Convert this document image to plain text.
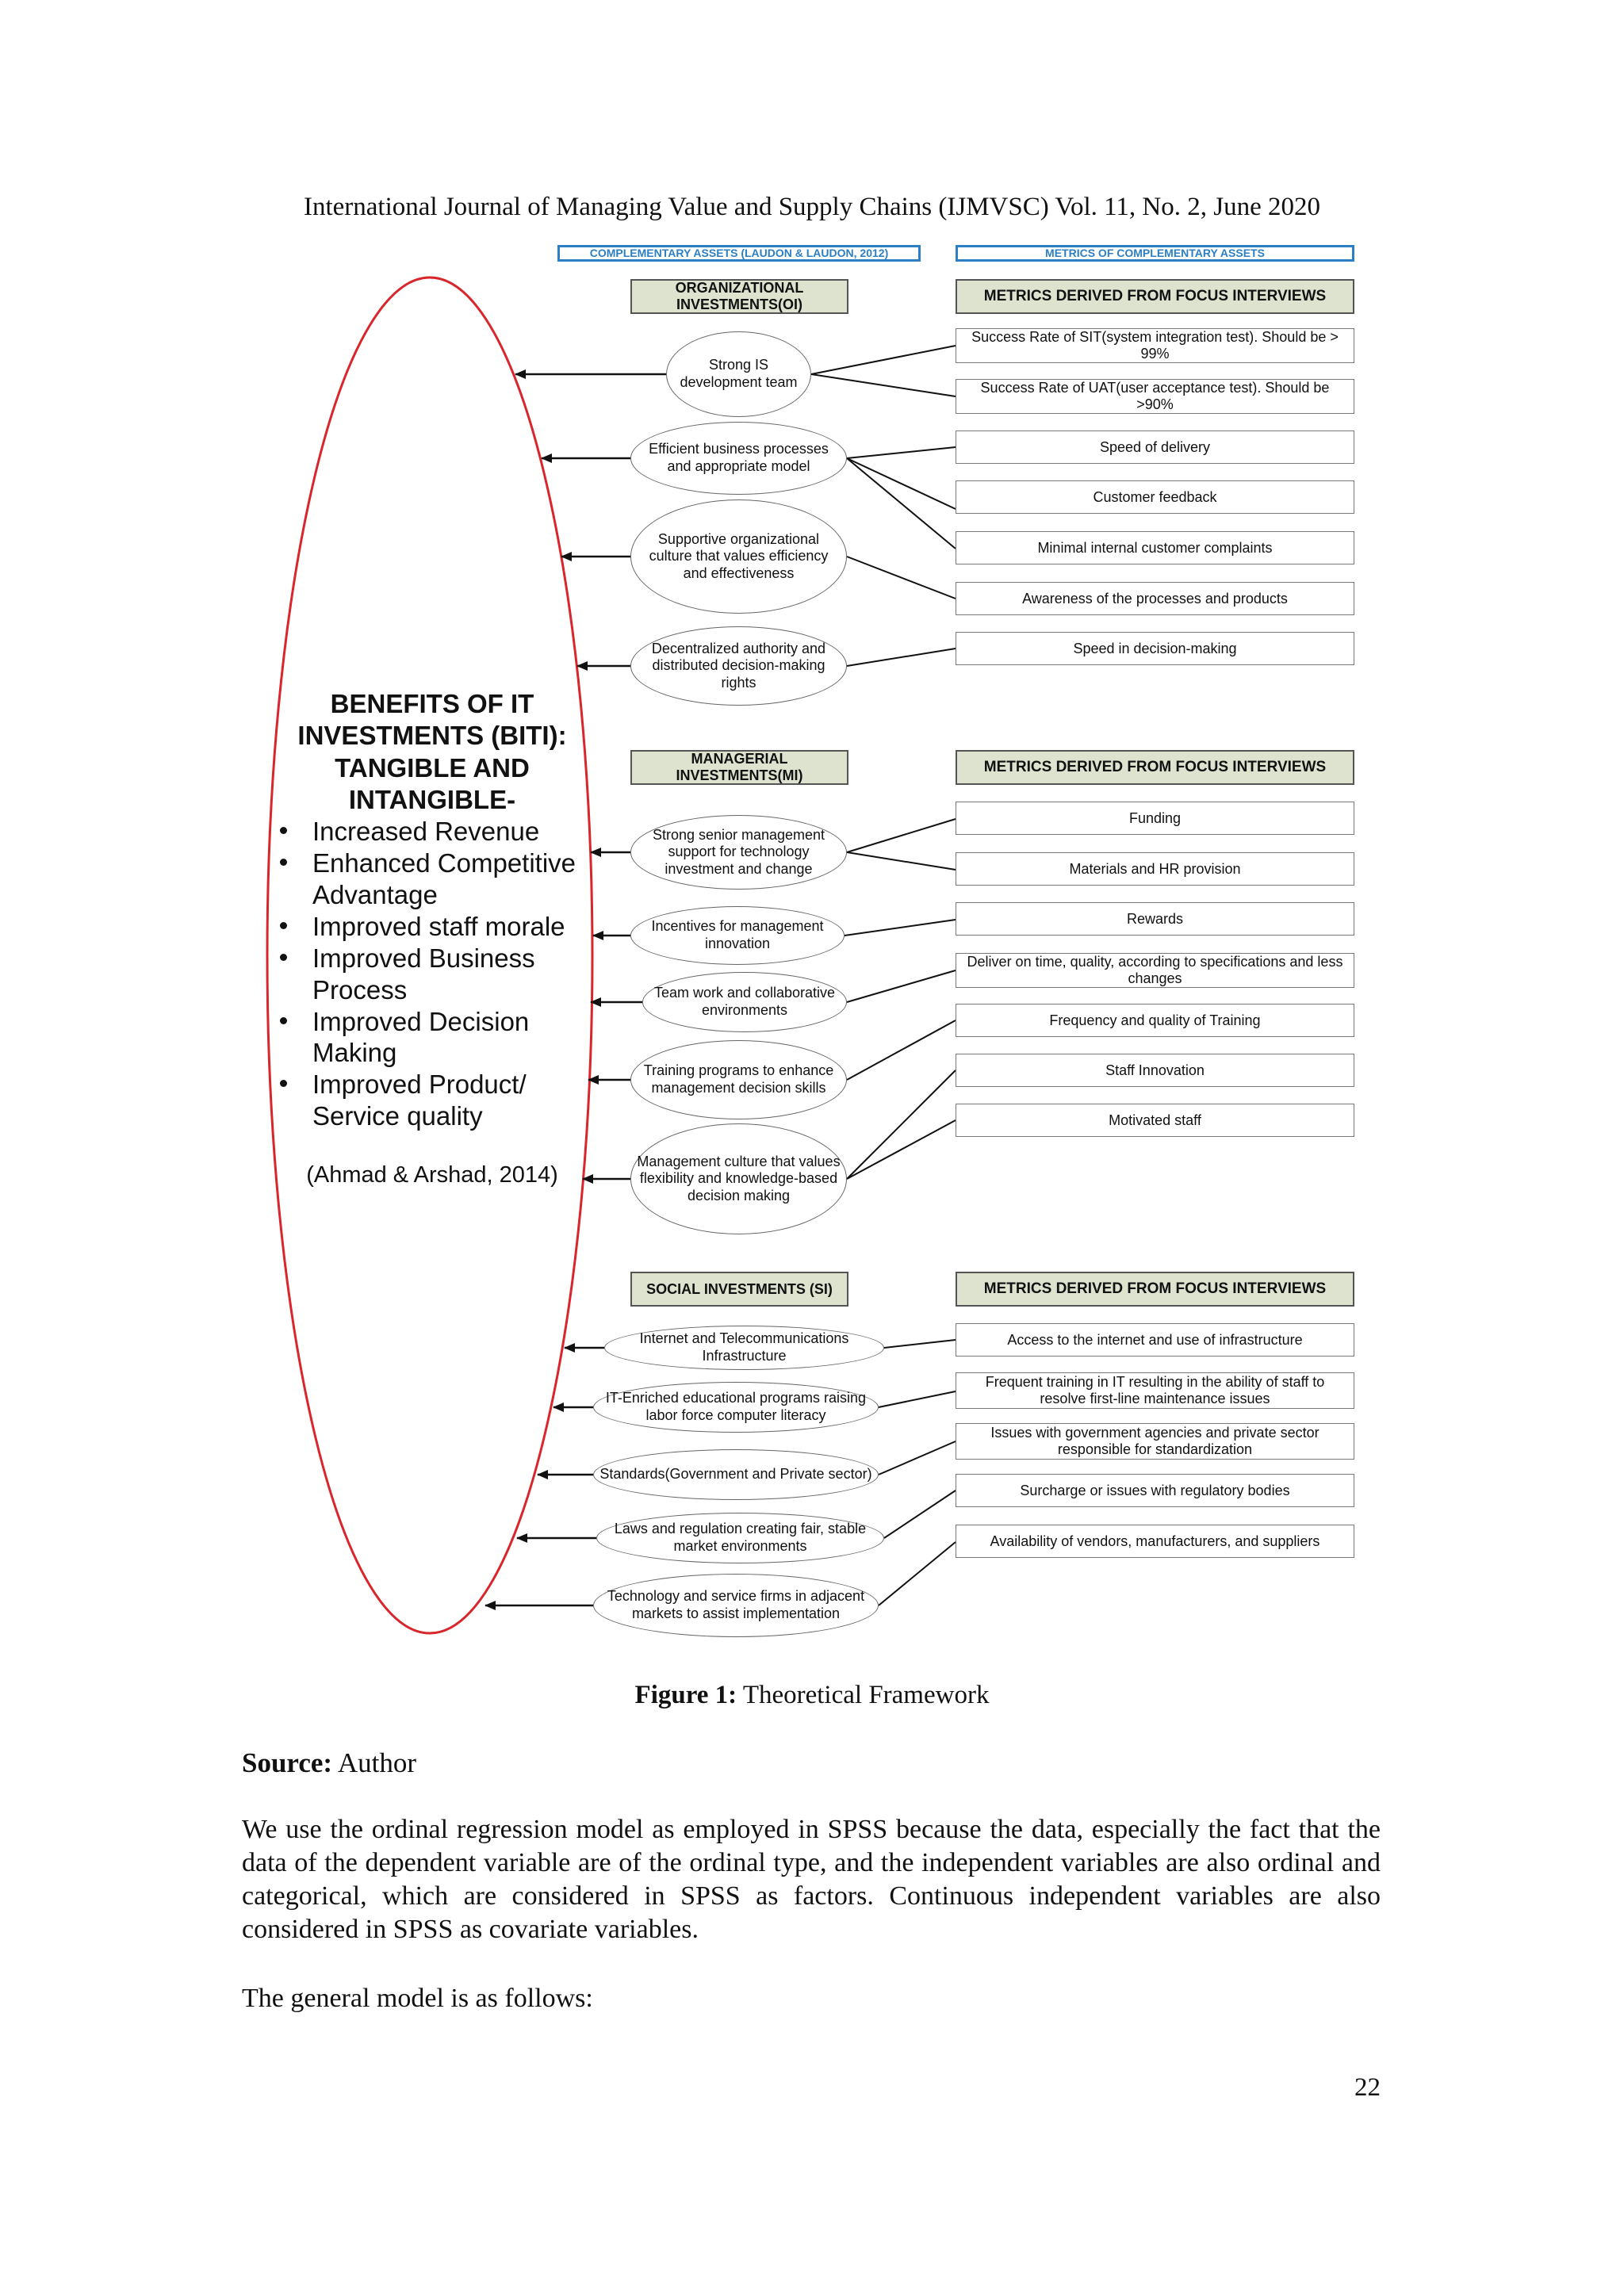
International Journal of Managing Value and Supply Chains (IJMVSC) Vol. 11, No. 2, June 2020
COMPLEMENTARY ASSETS (LAUDON & LAUDON, 2012)	METRICS OF COMPLEMENTARY ASSETS
ORGANIZATIONAL INVESTMENTS(OI)	METRICS DERIVED FROM FOCUS INTERVIEWS
Strong IS development team
Efficient business processes and appropriate model
Supportive organizational culture that values efficiency and effectiveness
Decentralized authority and distributed decision-making rights
Success Rate of SIT(system integration test). Should be > 99%
Success Rate of UAT(user acceptance test). Should be >90%
Speed of delivery
Customer feedback
Minimal internal customer complaints
Awareness of the processes and products
Speed in decision-making
MANAGERIAL INVESTMENTS(MI)	METRICS DERIVED FROM FOCUS INTERVIEWS
Strong senior management support for technology investment and change
Incentives for management innovation
Team work and collaborative environments
Training programs to enhance management decision skills
Management culture that values flexibility and knowledge-based decision making
Funding
Materials and HR provision
Rewards
Deliver on time, quality, according to specifications and less changes
Frequency and quality of Training
Staff Innovation
Motivated staff
SOCIAL INVESTMENTS (SI)	METRICS DERIVED FROM FOCUS INTERVIEWS
Internet and Telecommunications Infrastructure
IT-Enriched educational programs raising labor force computer literacy
Standards(Government and Private sector)
Laws and regulation creating fair, stable market environments
Technology and service firms in adjacent markets to assist implementation
Access to the internet and use of infrastructure
Frequent training in IT resulting in the ability of staff to resolve first-line maintenance issues
Issues with government agencies and private sector responsible for standardization
Surcharge or issues with regulatory bodies
Availability of vendors, manufacturers, and suppliers
BENEFITS OF IT INVESTMENTS (BITI): TANGIBLE AND INTANGIBLE-
Increased Revenue
Enhanced Competitive Advantage
Improved staff morale
Improved Business Process
Improved Decision Making
Improved Product/ Service quality
(Ahmad & Arshad, 2014)
Figure 1: Theoretical Framework
Source: Author
We use the ordinal regression model as employed in SPSS because the data, especially the fact that the data of the dependent variable are of the ordinal type, and the independent variables are also ordinal and categorical, which are considered in SPSS as factors. Continuous independent variables are also considered in SPSS as covariate variables.
The general model is as follows:
22
